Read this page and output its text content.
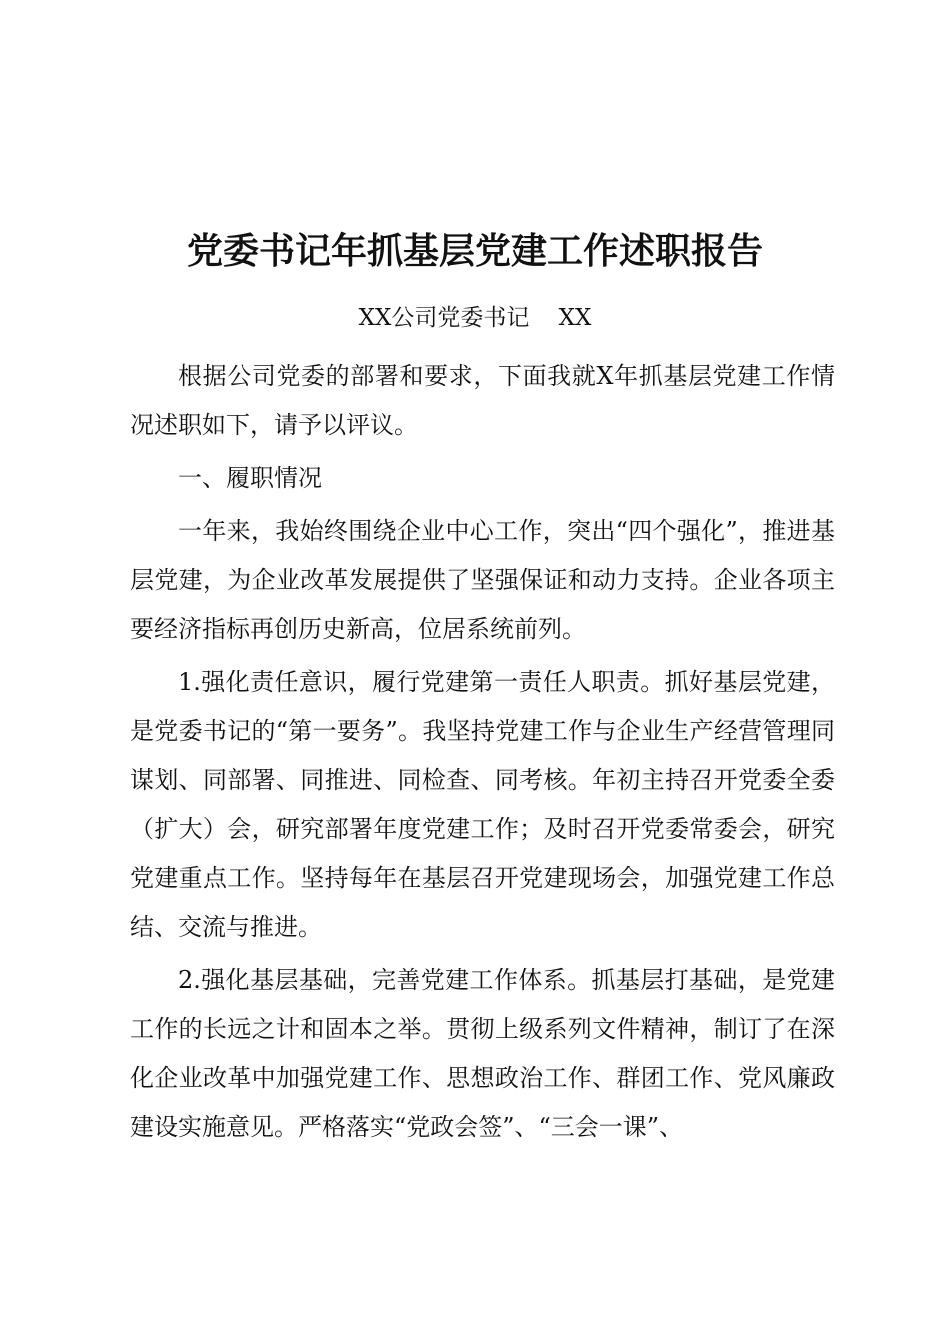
党委书记年抓基层党建工作述职报告
XX公司党委书记    XX

根据公司党委的部署和要求，下面我就X年抓基层党建工作情况述职如下，请予以评议。

一、履职情况

一年来，我始终围绕企业中心工作，突出“四个强化”，推进基层党建，为企业改革发展提供了坚强保证和动力支持。企业各项主要经济指标再创历史新高，位居系统前列。

1.强化责任意识，履行党建第一责任人职责。抓好基层党建，是党委书记的“第一要务”。我坚持党建工作与企业生产经营管理同谋划、同部署、同推进、同检查、同考核。年初主持召开党委全委（扩大）会，研究部署年度党建工作；及时召开党委常委会，研究党建重点工作。坚持每年在基层召开党建现场会，加强党建工作总结、交流与推进。

2.强化基层基础，完善党建工作体系。抓基层打基础，是党建工作的长远之计和固本之举。贯彻上级系列文件精神，制订了在深化企业改革中加强党建工作、思想政治工作、群团工作、党风廉政建设实施意见。严格落实“党政会签”、“三会一课”、
